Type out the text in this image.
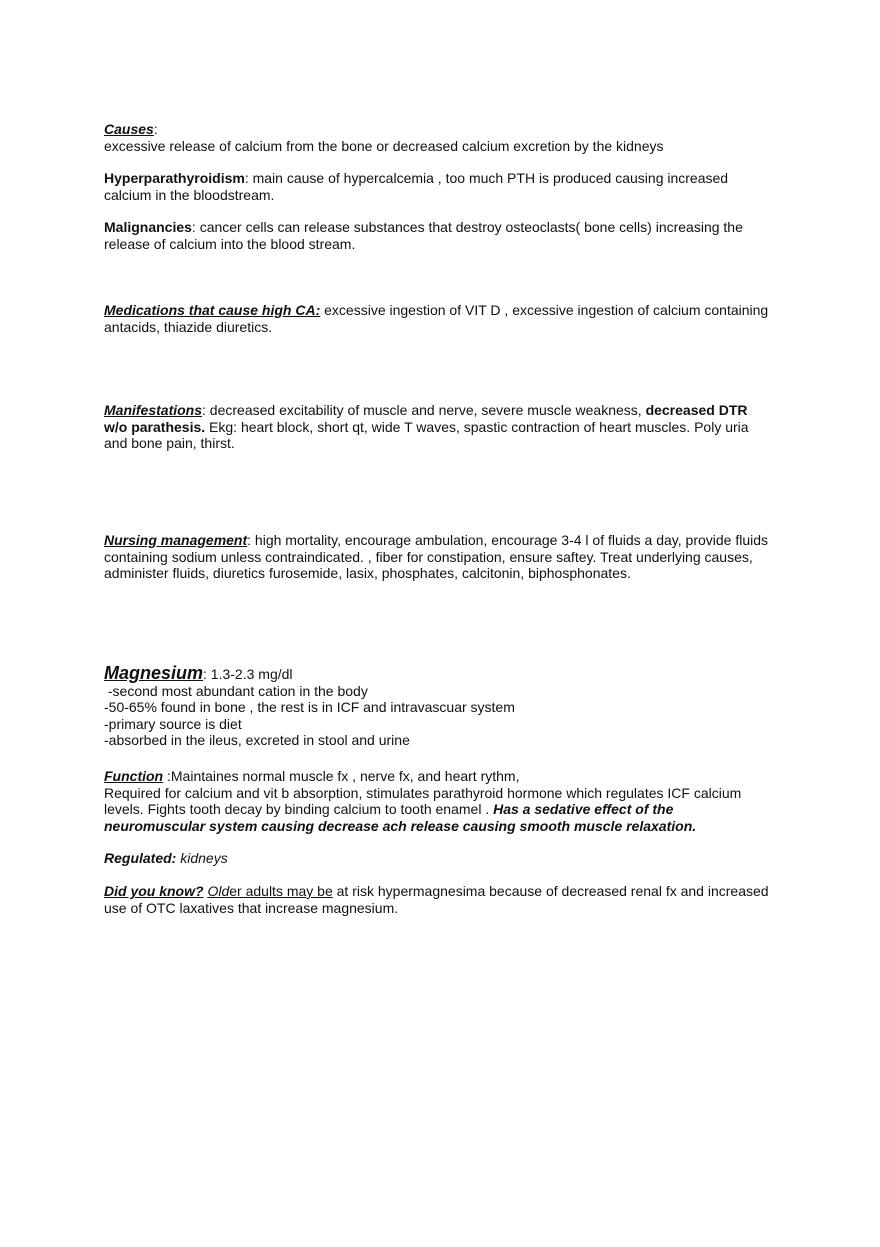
Causes:
excessive release of calcium from the bone or decreased calcium excretion by the kidneys
Hyperparathyroidism: main cause of hypercalcemia , too much PTH is produced causing increased calcium in the bloodstream.
Malignancies: cancer cells can release substances that destroy osteoclasts( bone cells) increasing the release of calcium into the blood stream.
Medications that cause high CA: excessive ingestion of VIT D , excessive ingestion of calcium containing antacids, thiazide diuretics.
Manifestations: decreased excitability of muscle and nerve, severe muscle weakness, decreased DTR w/o parathesis. Ekg: heart block, short qt, wide T waves, spastic contraction of heart muscles. Poly uria and bone pain, thirst.
Nursing management: high mortality, encourage ambulation, encourage 3-4 l of fluids a day, provide fluids containing sodium unless contraindicated. , fiber for constipation, ensure saftey. Treat underlying causes, administer fluids, diuretics furosemide, lasix, phosphates, calcitonin, biphosphonates.
Magnesium: 1.3-2.3 mg/dl
-second most abundant cation in the body
-50-65% found in bone , the rest is in ICF and intravascuar system
-primary source is diet
-absorbed in the ileus, excreted in stool and urine
Function :Maintaines normal muscle fx , nerve fx, and heart rythm,
Required for calcium and vit b absorption, stimulates parathyroid hormone which regulates ICF calcium levels. Fights tooth decay by binding calcium to tooth enamel . Has a sedative effect of the neuromuscular system causing decrease ach release causing smooth muscle relaxation.
Regulated: kidneys
Did you know? Older adults may be at risk hypermagnesima because of decreased renal fx and increased use of OTC laxatives that increase magnesium.
